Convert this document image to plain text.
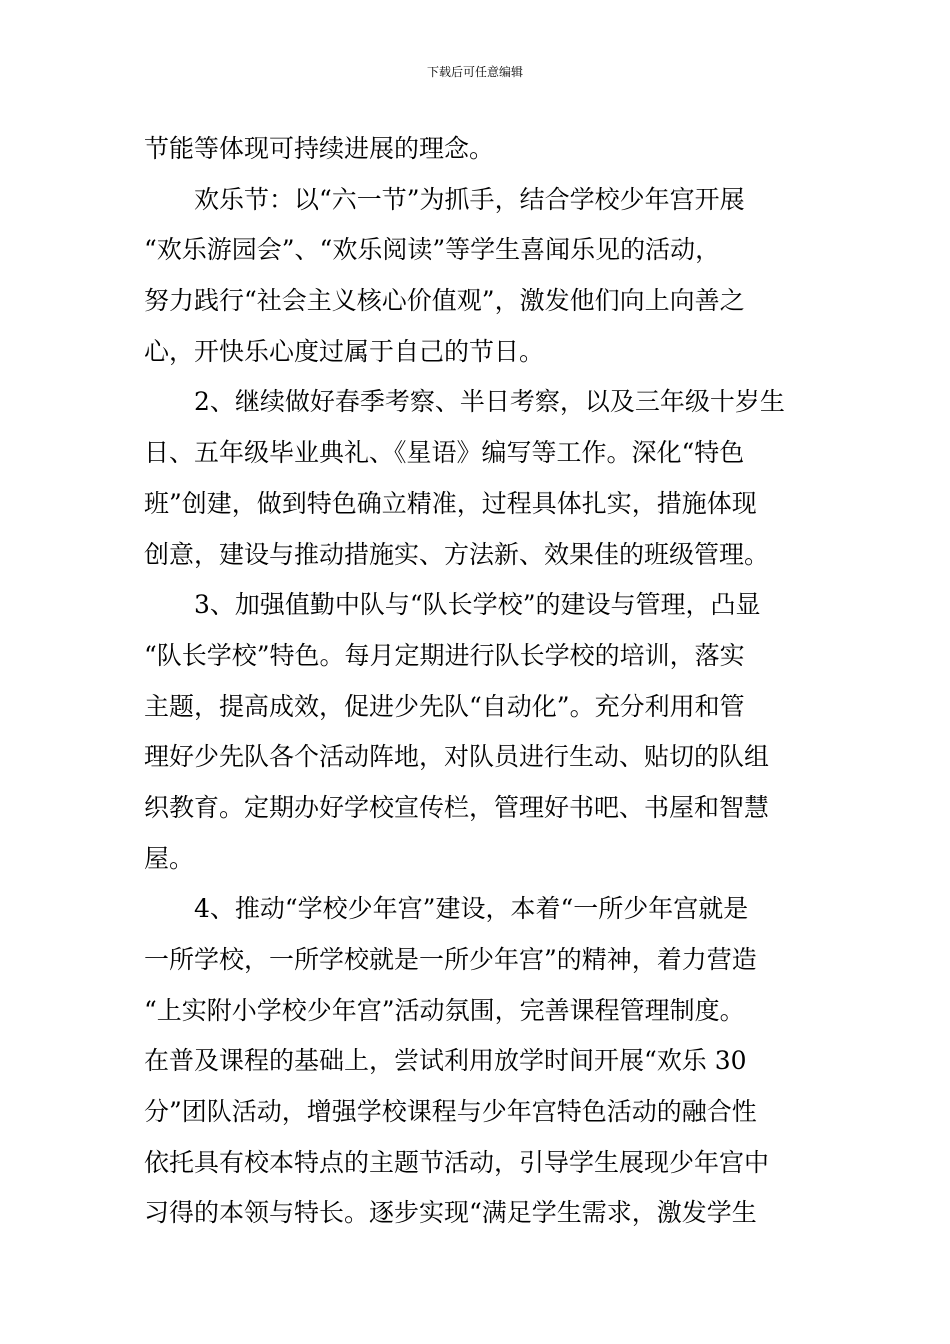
下载后可任意编辑
节能等体现可持续进展的理念。
欢乐节：以“六一节”为抓手，结合学校少年宫开展
“欢乐游园会”、“欢乐阅读”等学生喜闻乐见的活动，
努力践行“社会主义核心价值观”，激发他们向上向善之
心，开快乐心度过属于自己的节日。
2、继续做好春季考察、半日考察，以及三年级十岁生
日、五年级毕业典礼、《星语》编写等工作。深化“特色
班”创建，做到特色确立精准，过程具体扎实，措施体现
创意，建设与推动措施实、方法新、效果佳的班级管理。
3、加强值勤中队与“队长学校”的建设与管理，凸显
“队长学校”特色。每月定期进行队长学校的培训，落实
主题，提高成效，促进少先队“自动化”。充分利用和管
理好少先队各个活动阵地，对队员进行生动、贴切的队组
织教育。定期办好学校宣传栏，管理好书吧、书屋和智慧
屋。
4、推动“学校少年宫”建设，本着“一所少年宫就是
一所学校，一所学校就是一所少年宫”的精神，着力营造
“上实附小学校少年宫”活动氛围，完善课程管理制度。
在普及课程的基础上，尝试利用放学时间开展“欢乐 30
分”团队活动，增强学校课程与少年宫特色活动的融合性
依托具有校本特点的主题节活动，引导学生展现少年宫中
习得的本领与特长。逐步实现“满足学生需求，激发学生
